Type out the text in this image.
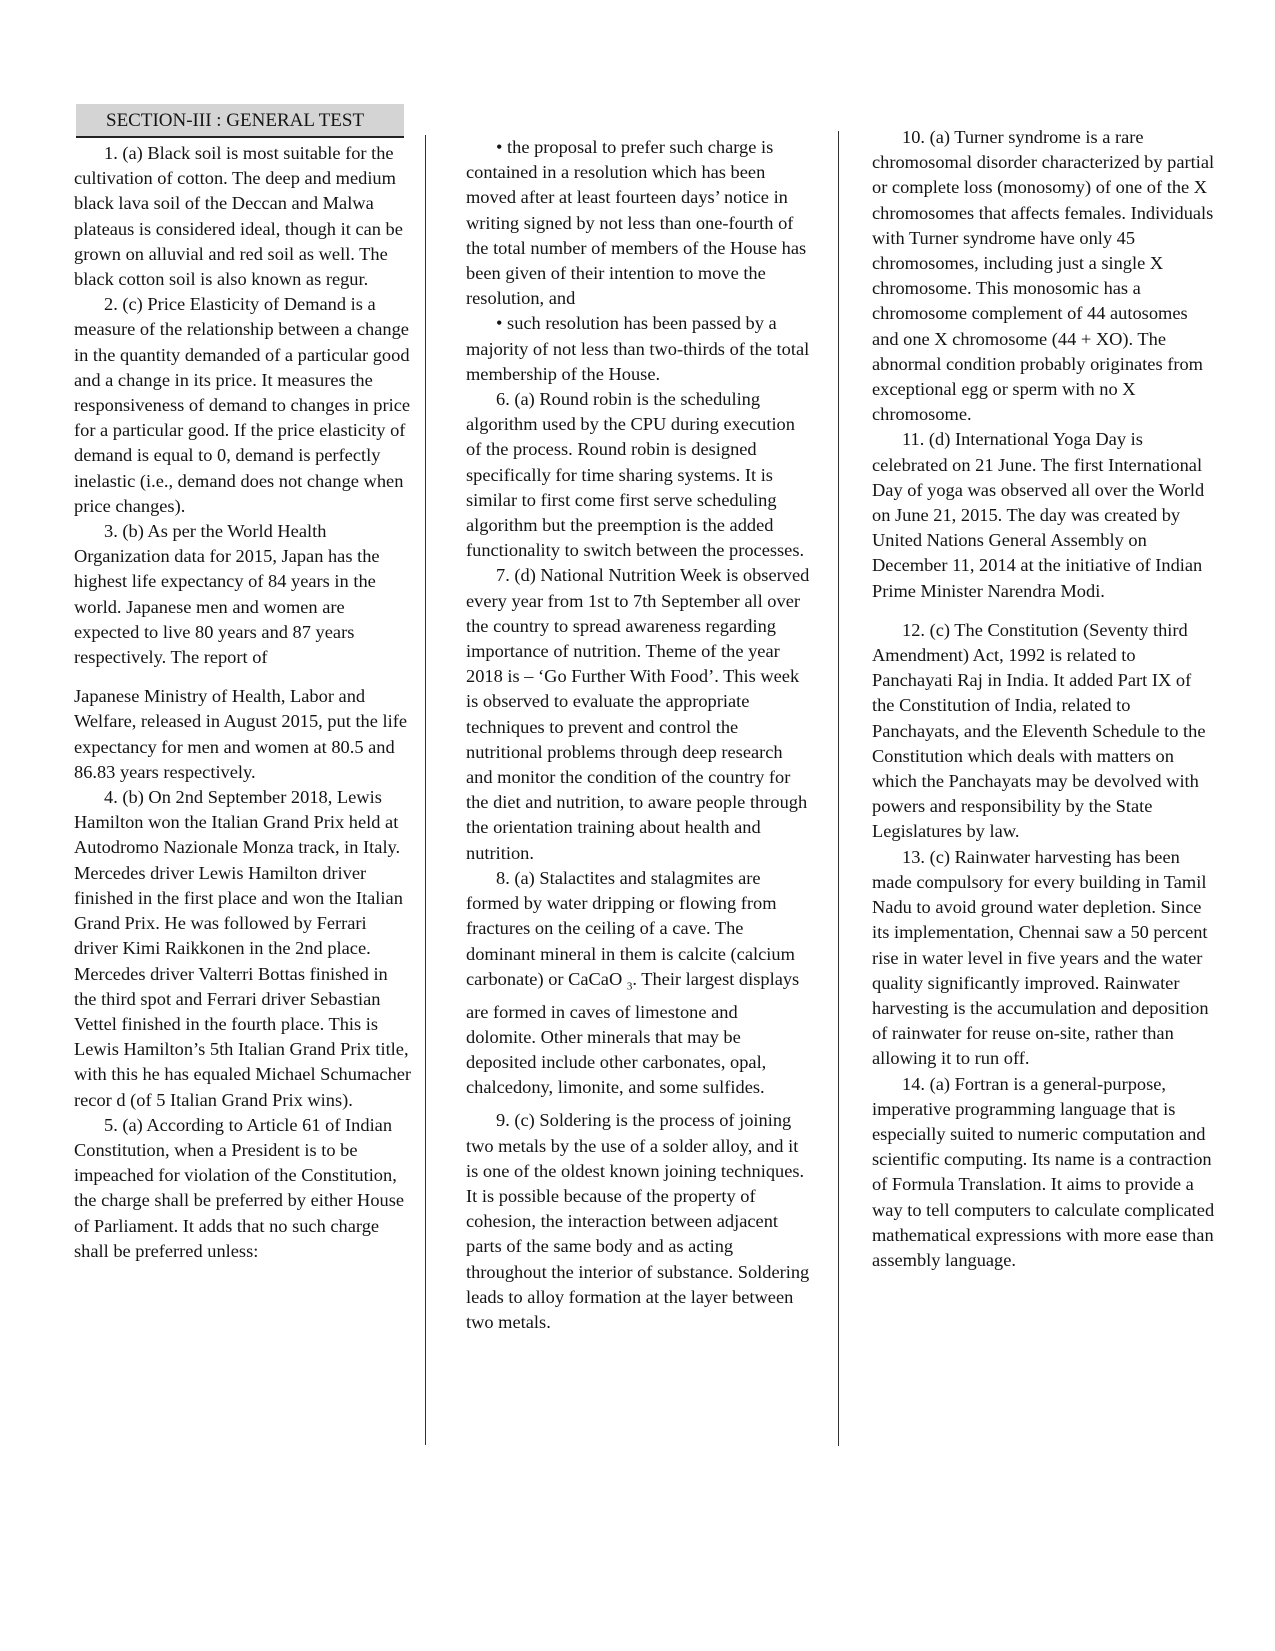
SECTION-III : GENERAL TEST

1. (a) Black soil is most suitable for the cultivation of cotton. The deep and medium black lava soil of the Deccan and Malwa plateaus is considered ideal, though it can be grown on alluvial and red soil as well. The black cotton soil is also known as regur.

2. (c) Price Elasticity of Demand is a measure of the relationship between a change in the quantity demanded of a particular good and a change in its price. It measures the responsiveness of demand to changes in price for a particular good. If the price elasticity of demand is equal to 0, demand is perfectly inelastic (i.e., demand does not change when price changes).

3. (b) As per the World Health Organization data for 2015, Japan has the highest life expectancy of 84 years in the world. Japanese men and women are expected to live 80 years and 87 years respectively. The report of

Japanese Ministry of Health, Labor and Welfare, released in August 2015, put the life expectancy for men and women at 80.5 and 86.83 years respectively.

4. (b) On 2nd September 2018, Lewis Hamilton won the Italian Grand Prix held at Autodromo Nazionale Monza track, in Italy. Mercedes driver Lewis Hamilton driver finished in the first place and won the Italian Grand Prix. He was followed by Ferrari driver Kimi Raikkonen in the 2nd place. Mercedes driver Valterri Bottas finished in the third spot and Ferrari driver Sebastian Vettel finished in the fourth place. This is Lewis Hamilton’s 5th Italian Grand Prix title, with this he has equaled Michael Schumacher recor d (of 5 Italian Grand Prix wins).

5. (a) According to Article 61 of Indian Constitution, when a President is to be impeached for violation of the Constitution, the charge shall be preferred by either House of Parliament. It adds that no such charge shall be preferred unless:

• the proposal to prefer such charge is contained in a resolution which has been moved after at least fourteen days’ notice in writing signed by not less than one-fourth of the total number of members of the House has been given of their intention to move the resolution, and

• such resolution has been passed by a majority of not less than two-thirds of the total membership of the House.

6. (a) Round robin is the scheduling algorithm used by the CPU during execution of the process. Round robin is designed specifically for time sharing systems. It is similar to first come first serve scheduling algorithm but the preemption is the added functionality to switch between the processes.

7. (d) National Nutrition Week is observed every year from 1st to 7th September all over the country to spread awareness regarding importance of nutrition. Theme of the year 2018 is – ‘Go Further With Food’. This week is observed to evaluate the appropriate techniques to prevent and control the nutritional problems through deep research and monitor the condition of the country for the diet and nutrition, to aware people through the orientation training about health and nutrition.

8. (a) Stalactites and stalagmites are formed by water dripping or flowing from fractures on the ceiling of a cave. The dominant mineral in them is calcite (calcium carbonate) or CaCaO $_3$. Their largest displays are formed in caves of limestone and dolomite. Other minerals that may be deposited include other carbonates, opal, chalcedony, limonite, and some sulfides.

9. (c) Soldering is the process of joining two metals by the use of a solder alloy, and it is one of the oldest known joining techniques. It is possible because of the property of cohesion, the interaction between adjacent parts of the same body and as acting throughout the interior of substance. Soldering leads to alloy formation at the layer between two metals.

10. (a) Turner syndrome is a rare chromosomal disorder characterized by partial or complete loss (monosomy) of one of the X chromosomes that affects females. Individuals with Turner syndrome have only 45 chromosomes, including just a single X chromosome. This monosomic has a chromosome complement of 44 autosomes and one X chromosome (44 + XO). The abnormal condition probably originates from exceptional egg or sperm with no X chromosome.

11. (d) International Yoga Day is celebrated on 21 June. The first International Day of yoga was observed all over the World on June 21, 2015. The day was created by United Nations General Assembly on December 11, 2014 at the initiative of Indian Prime Minister Narendra Modi.

12. (c) The Constitution (Seventy third Amendment) Act, 1992 is related to Panchayati Raj in India. It added Part IX of the Constitution of India, related to Panchayats, and the Eleventh Schedule to the Constitution which deals with matters on which the Panchayats may be devolved with powers and responsibility by the State Legislatures by law.

13. (c) Rainwater harvesting has been made compulsory for every building in Tamil Nadu to avoid ground water depletion. Since its implementation, Chennai saw a 50 percent rise in water level in five years and the water quality significantly improved. Rainwater harvesting is the accumulation and deposition of rainwater for reuse on-site, rather than allowing it to run off.

14. (a) Fortran is a general-purpose, imperative programming language that is especially suited to numeric computation and scientific computing. Its name is a contraction of Formula Translation. It aims to provide a way to tell computers to calculate complicated mathematical expressions with more ease than assembly language.
